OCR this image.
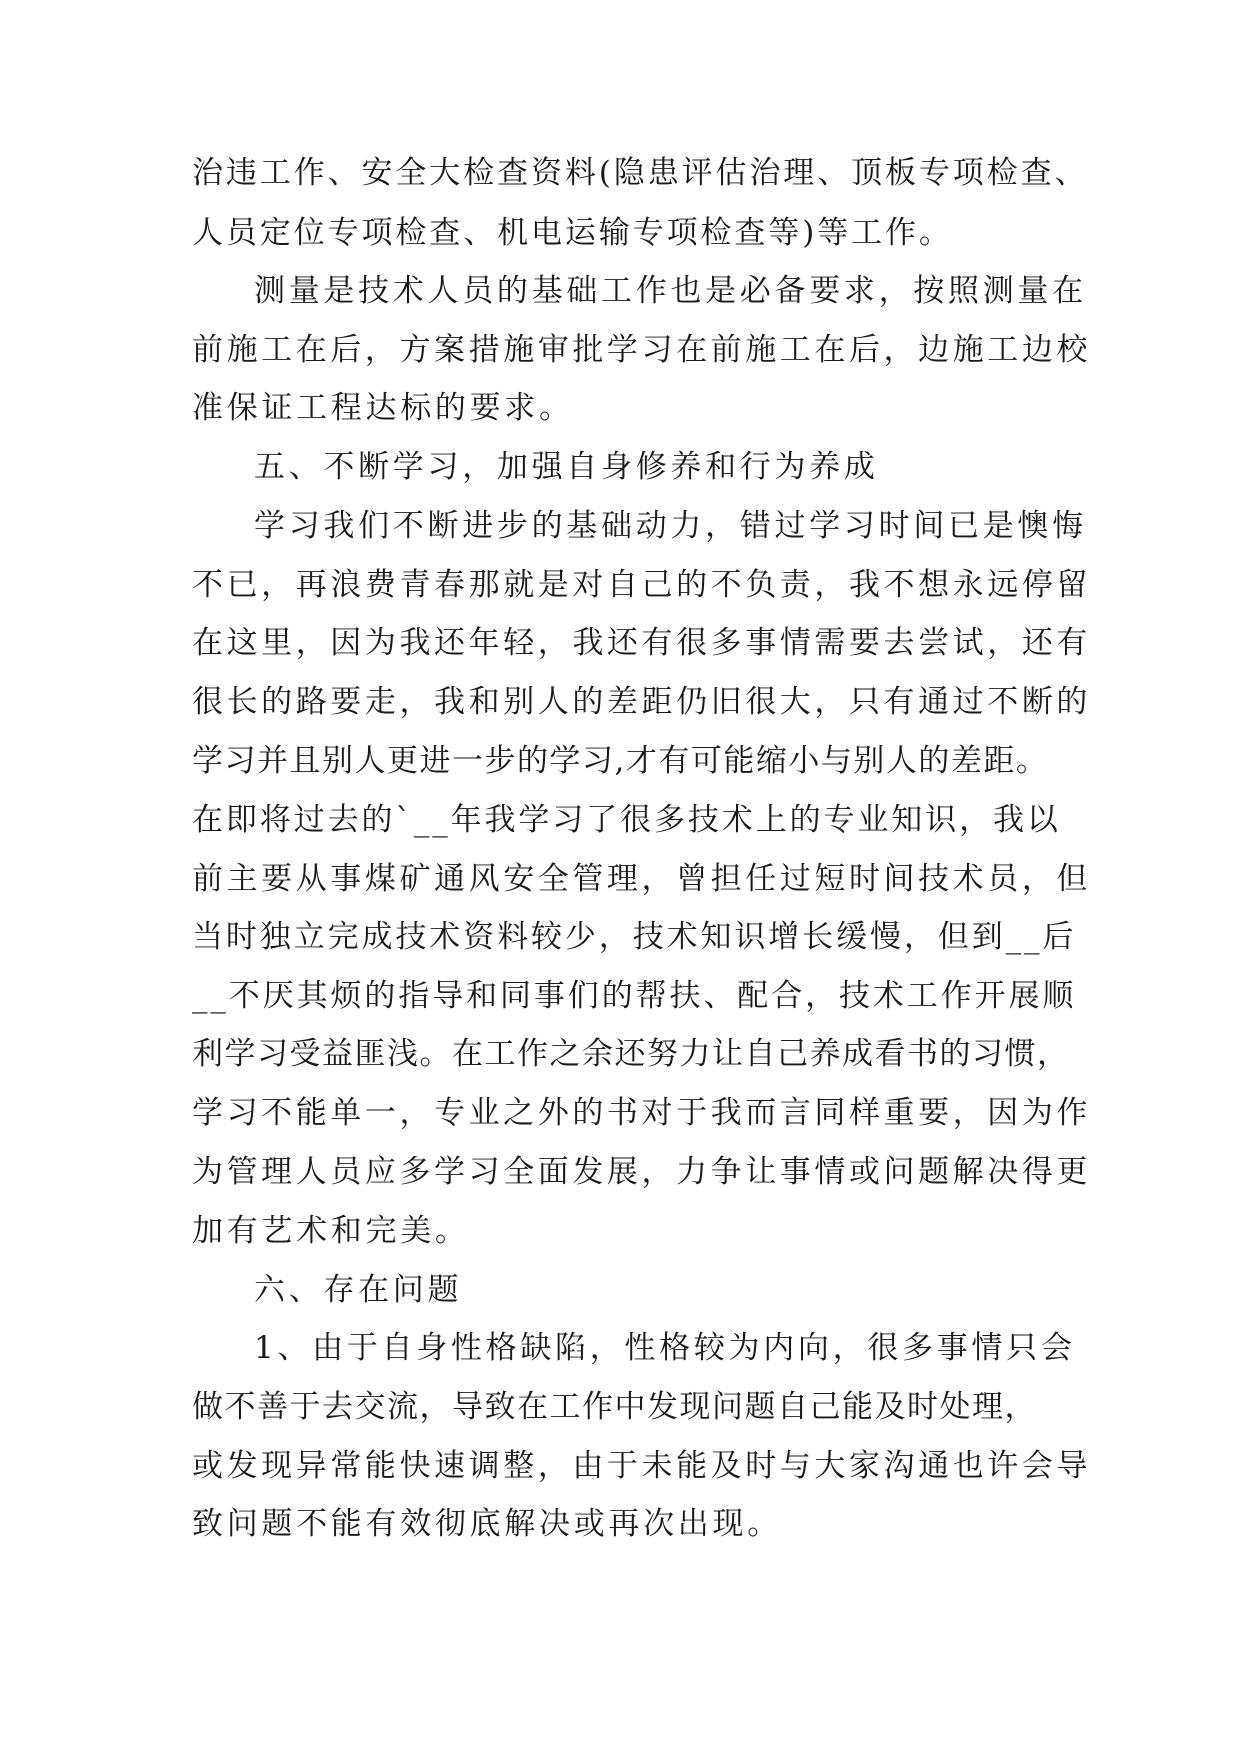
治违工作、安全大检查资料(隐患评估治理、顶板专项检查、
人员定位专项检查、机电运输专项检查等)等工作。
测量是技术人员的基础工作也是必备要求，按照测量在
前施工在后，方案措施审批学习在前施工在后，边施工边校
准保证工程达标的要求。
五、不断学习，加强自身修养和行为养成
学习我们不断进步的基础动力，错过学习时间已是懊悔
不已，再浪费青春那就是对自己的不负责，我不想永远停留
在这里，因为我还年轻，我还有很多事情需要去尝试，还有
很长的路要走，我和别人的差距仍旧很大，只有通过不断的
学习并且别人更进一步的学习,才有可能缩小与别人的差距。
在即将过去的`__年我学习了很多技术上的专业知识，我以
前主要从事煤矿通风安全管理，曾担任过短时间技术员，但
当时独立完成技术资料较少，技术知识增长缓慢，但到__后
__不厌其烦的指导和同事们的帮扶、配合，技术工作开展顺
利学习受益匪浅。在工作之余还努力让自己养成看书的习惯，
学习不能单一，专业之外的书对于我而言同样重要，因为作
为管理人员应多学习全面发展，力争让事情或问题解决得更
加有艺术和完美。
六、存在问题
1、由于自身性格缺陷，性格较为内向，很多事情只会
做不善于去交流，导致在工作中发现问题自己能及时处理，
或发现异常能快速调整，由于未能及时与大家沟通也许会导
致问题不能有效彻底解决或再次出现。
